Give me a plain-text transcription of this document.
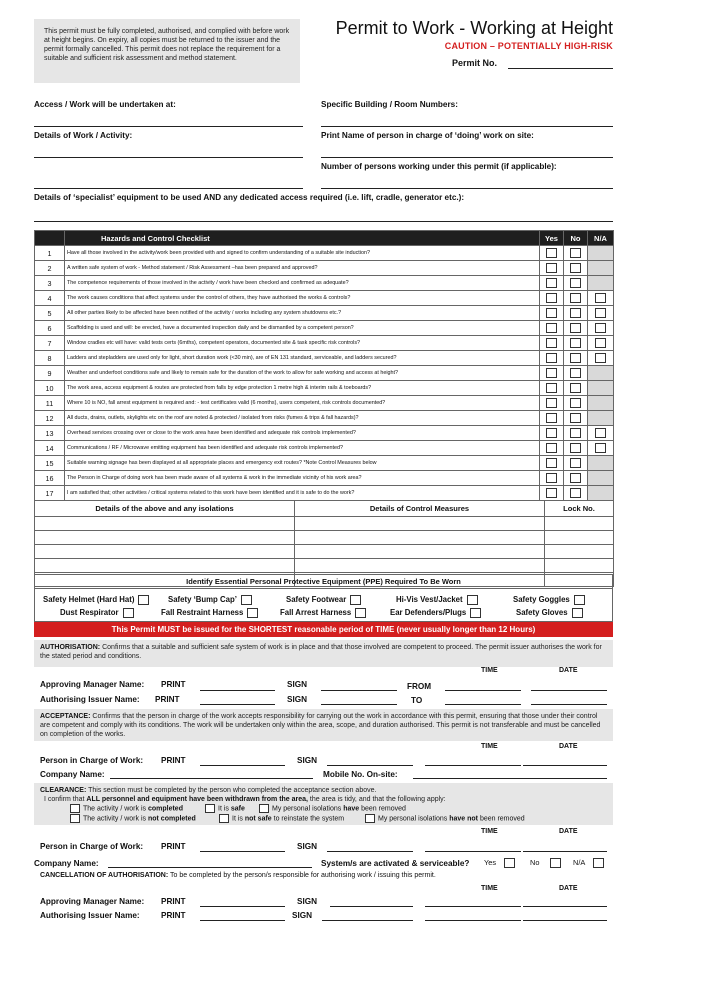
This permit must be fully completed, authorised, and complied with before work at height begins. On expiry, all copies must be returned to the issuer and the permit formally cancelled. This permit does not replace the requirement for a suitable and sufficient risk assessment and method statement.
Permit to Work - Working at Height
CAUTION – POTENTIALLY HIGH-RISK
Permit No.
Access / Work will be undertaken at:	Specific Building / Room Numbers:
Details of Work / Activity:	Print Name of person in charge of ‘doing’ work on site:
Number of persons working under this permit (if applicable):
Details of ‘specialist’ equipment to be used AND any dedicated access required (i.e. lift, cradle, generator etc.):
	Hazards and Control Checklist	Yes	No	N/A
1	Have all those involved in the activity/work been provided with and signed to confirm understanding of a suitable site induction?			
2	A written safe system of work - Method statement / Risk Assessment –has been prepared and approved?			
3	The competence requirements of those involved in the activity / work have been checked and confirmed as adequate?			
4	The work causes conditions that affect systems under the control of others, they have authorised the works & controls?			
5	All other parties likely to be affected have been notified of the activity / works including any system shutdowns etc.?			
6	Scaffolding is used and will: be erected, have a documented inspection daily and be dismantled by a competent person?			
7	Window cradles etc will have: valid tests certs (6mths), competent operators, documented site & task specific risk controls?			
8	Ladders and stepladders are used only for light, short duration work (<30 min), are of EN 131 standard, serviceable, and ladders secured?			
9	Weather and underfoot conditions safe and likely to remain safe for the duration of the work to allow for safe working and access at height?			
10	The work area, access equipment & routes are protected from falls by edge protection 1 metre high & interim rails & toeboards?			
11	Where 10 is NO, fall arrest equipment is required and: - test certificates valid (6 months), users competent, risk controls documented?			
12	All ducts, drains, outlets, skylights etc on the roof are noted & protected / isolated from risks (fumes & trips & fall hazards)?			
13	Overhead services crossing over or close to the work area have been identified and adequate risk controls implemented?			
14	Communications / RF / Microwave emitting equipment has been identified and adequate risk controls implemented?			
15	Suitable warning signage has been displayed at all appropriate places and emergency exit routes? *Note Control Measures below			
16	The Person in Charge of doing work has been made aware of all systems & work in the immediate vicinity of his work area?			
17	I am satisfied that; other activities / critical systems related to this work have been identified and it is safe to do the work?			
Details of the above and any isolations	Details of Control Measures	Lock No.

Identify Essential Personal Protective Equipment (PPE) Required To Be Worn
Safety Helmet (Hard Hat)	Safety ‘Bump Cap’	Safety Footwear	Hi-Vis Vest/Jacket	Safety Goggles
Dust Respirator	Fall Restraint Harness	Fall Arrest Harness	Ear Defenders/Plugs	Safety Gloves
This Permit MUST be issued for the SHORTEST reasonable period of TIME (never usually longer than 12 Hours)
AUTHORISATION: Confirms that a suitable and sufficient safe system of work is in place and that those involved are competent to proceed. The permit issuer authorises the work for the stated period and conditions.
TIME	DATE
Approving Manager Name: PRINT	SIGN	FROM
Authorising Issuer Name: PRINT	SIGN	TO
ACCEPTANCE: Confirms that the person in charge of the work accepts responsibility for carrying out the work in accordance with this permit, ensuring that those under their control are competent and comply with its conditions. The work will be undertaken only within the area, scope, and duration authorised. This permit is not transferable and must be cancelled on completion of the works.
TIME	DATE
Person in Charge of Work: PRINT	SIGN
Company Name:	Mobile No. On-site:
CLEARANCE: This section must be completed by the person who completed the acceptance section above.
I confirm that ALL personnel and equipment have been withdrawn from the area, the area is tidy, and that the following apply:
The activity / work is completed	It is safe	My personal isolations have been removed
The activity / work is not completed	It is not safe to reinstate the system	My personal isolations have not been removed
TIME	DATE
Person in Charge of Work: PRINT	SIGN
Company Name:	System/s are activated & serviceable? Yes	No	N/A
CANCELLATION OF AUTHORISATION: To be completed by the person/s responsible for authorising work / issuing this permit.
TIME	DATE
Approving Manager Name: PRINT	SIGN
Authorising Issuer Name:	PRINT	SIGN
